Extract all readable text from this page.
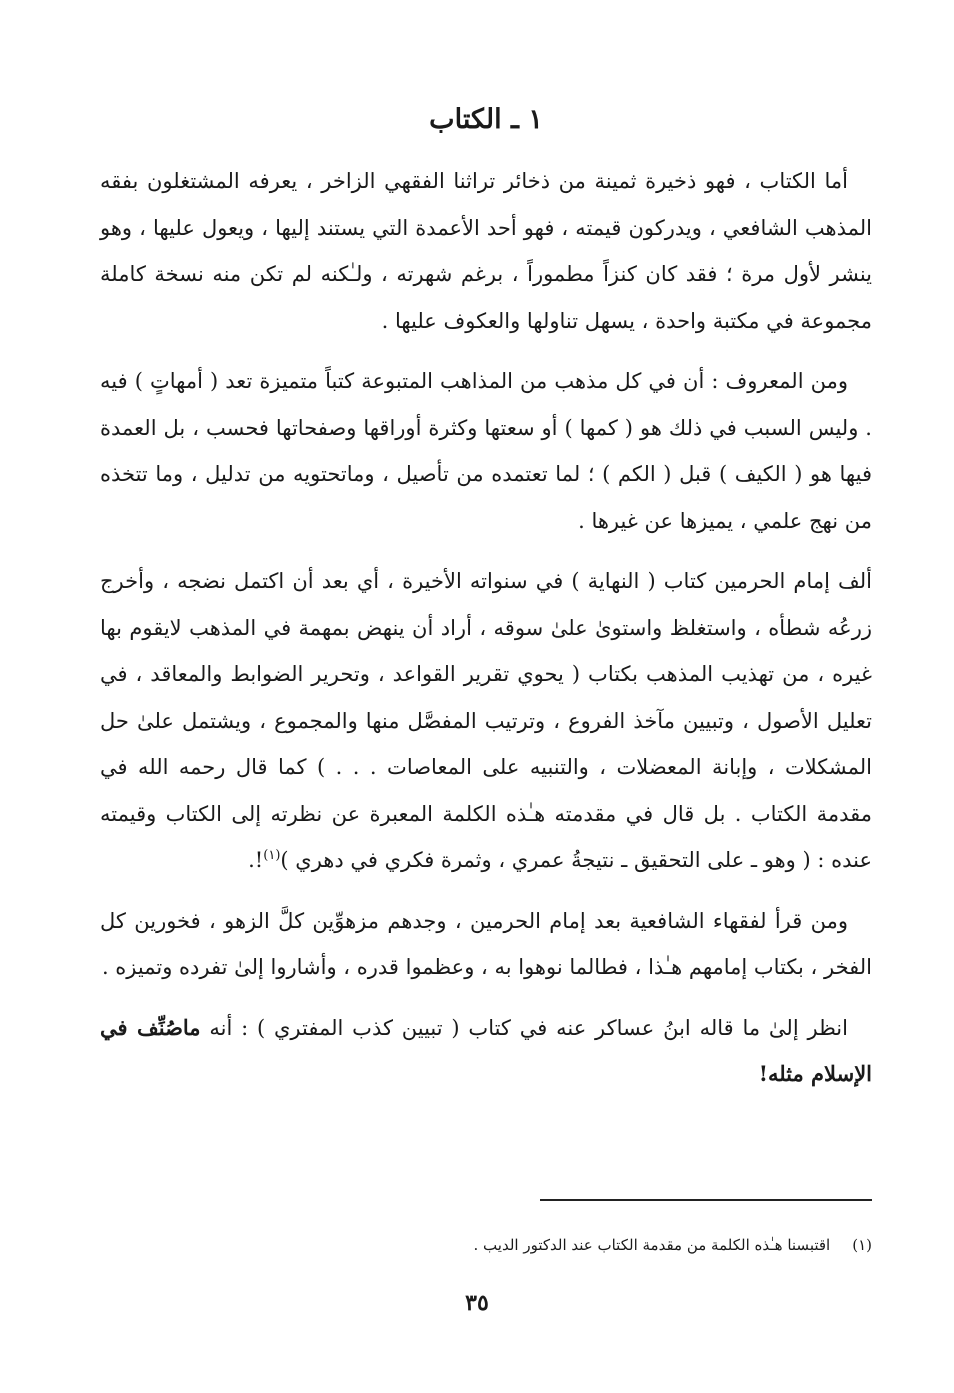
١ ـ الكتاب

أما الكتاب ، فهو ذخيرة ثمينة من ذخائر تراثنا الفقهي الزاخر ، يعرفه المشتغلون بفقه المذهب الشافعي ، ويدركون قيمته ، فهو أحد الأعمدة التي يستند إليها ، ويعول عليها ، وهو ينشر لأول مرة ؛ فقد كان كنزاً مطموراً ، برغم شهرته ، ولـٰكنه لم تكن منه نسخة كاملة مجموعة في مكتبة واحدة ، يسهل تناولها والعكوف عليها .

ومن المعروف : أن في كل مذهب من المذاهب المتبوعة كتباً متميزة تعد ( أمهاتٍ ) فيه . وليس السبب في ذلك هو ( كمها ) أو سعتها وكثرة أوراقها وصفحاتها فحسب ، بل العمدة فيها هو ( الكيف ) قبل ( الكم ) ؛ لما تعتمده من تأصيل ، وماتحتويه من تدليل ، وما تتخذه من نهج علمي ، يميزها عن غيرها .

ألف إمام الحرمين كتاب ( النهاية ) في سنواته الأخيرة ، أي بعد أن اكتمل نضجه ، وأخرج زرعُه شطأه ، واستغلظ واستوىٰ علىٰ سوقه ، أراد أن ينهض بمهمة في المذهب لايقوم بها غيره ، من تهذيب المذهب بكتاب ( يحوي تقرير القواعد ، وتحرير الضوابط والمعاقد ، في تعليل الأصول ، وتبيين مآخذ الفروع ، وترتيب المفصَّل منها والمجموع ، ويشتمل علىٰ حل المشكلات ، وإبانة المعضلات ، والتنبيه على المعاصات . . . ) كما قال رحمه الله في مقدمة الكتاب . بل قال في مقدمته هـٰذه الكلمة المعبرة عن نظرته إلى الكتاب وقيمته عنده : ( وهو ـ على التحقيق ـ نتيجةُ عمري ، وثمرة فكري في دهري )$^{(١)}$!.

ومن قرأ لفقهاء الشافعية بعد إمام الحرمين ، وجدهم مزهوِّين كلَّ الزهو ، فخورين كل الفخر ، بكتاب إمامهم هـٰذا ، فطالما نوهوا به ، وعظموا قدره ، وأشاروا إلىٰ تفرده وتميزه .

انظر إلىٰ ما قاله ابنُ عساكر عنه في كتاب ( تبيين كذب المفتري ) : أنه ماصُنِّف في الإسلام مثله!

(١)اقتبسنا هـٰذه الكلمة من مقدمة الكتاب عند الدكتور الديب .
٣٥
